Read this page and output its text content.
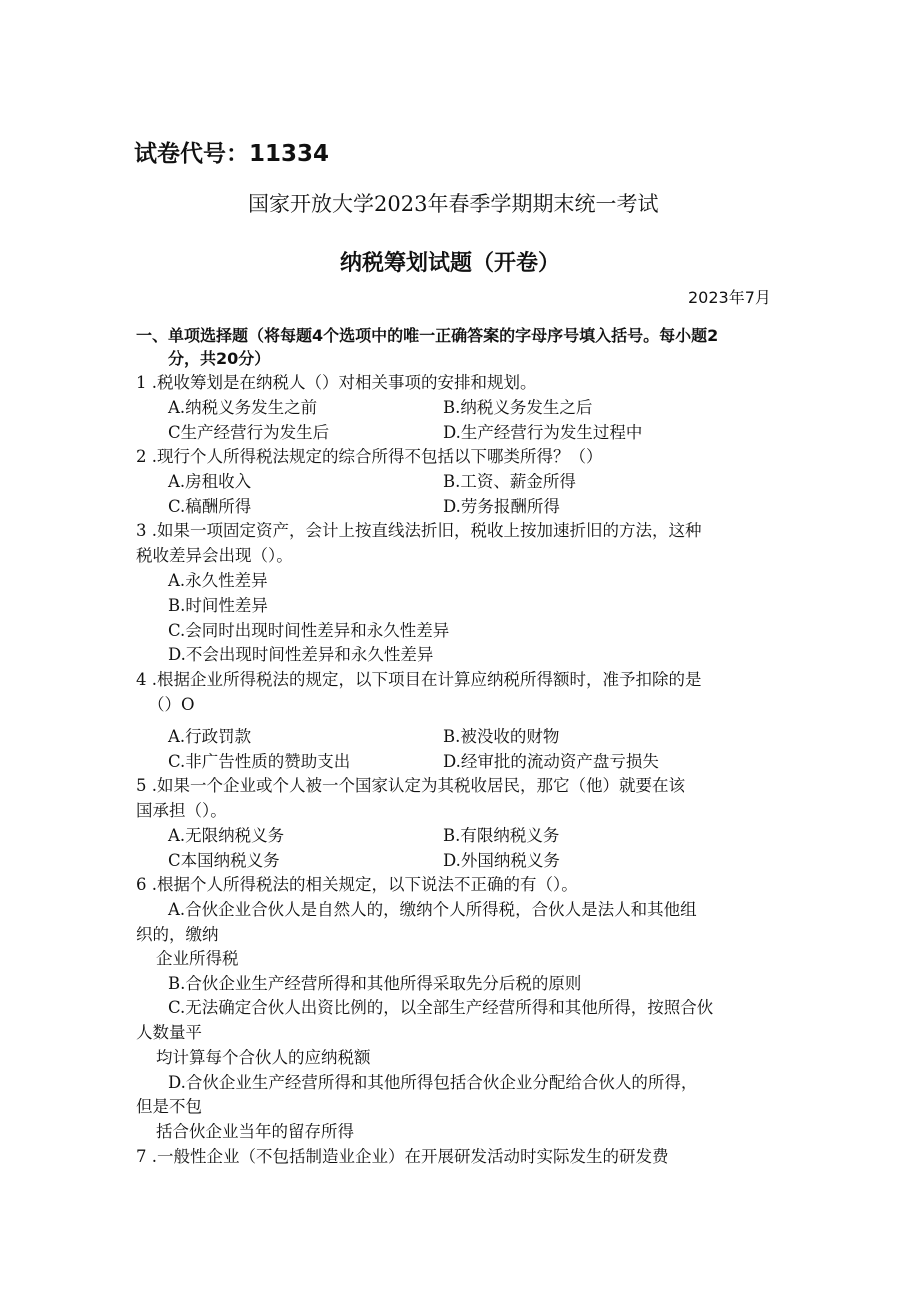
试卷代号：11334
国家开放大学2023年春季学期期末统一考试
纳税筹划试题（开卷）
2023年7月
一、单项选择题（将每题4个选项中的唯一正确答案的字母序号填入括号。每小题2
分，共20分）
1 .税收筹划是在纳税人（）对相关事项的安排和规划。
A.纳税义务发生之前	B.纳税义务发生之后
C生产经营行为发生后	D.生产经营行为发生过程中
2 .现行个人所得税法规定的综合所得不包括以下哪类所得？（）
A.房租收入	B.工资、薪金所得
C.稿酬所得	D.劳务报酬所得
3 .如果一项固定资产，会计上按直线法折旧，税收上按加速折旧的方法，这种
税收差异会出现（）。
A.永久性差异
B.时间性差异
C.会同时出现时间性差异和永久性差异
D.不会出现时间性差异和永久性差异
4 .根据企业所得税法的规定，以下项目在计算应纳税所得额时，准予扣除的是
（）O
A.行政罚款	B.被没收的财物
C.非广告性质的赞助支出	D.经审批的流动资产盘亏损失
5 .如果一个企业或个人被一个国家认定为其税收居民，那它（他）就要在该
国承担（）。
A.无限纳税义务	B.有限纳税义务
C本国纳税义务	D.外国纳税义务
6 .根据个人所得税法的相关规定，以下说法不正确的有（）。
A.合伙企业合伙人是自然人的，缴纳个人所得税，合伙人是法人和其他组
织的，缴纳
企业所得税
B.合伙企业生产经营所得和其他所得采取先分后税的原则
C.无法确定合伙人出资比例的，以全部生产经营所得和其他所得，按照合伙
人数量平
均计算每个合伙人的应纳税额
D.合伙企业生产经营所得和其他所得包括合伙企业分配给合伙人的所得，
但是不包
括合伙企业当年的留存所得
7 .一般性企业（不包括制造业企业）在开展研发活动时实际发生的研发费
